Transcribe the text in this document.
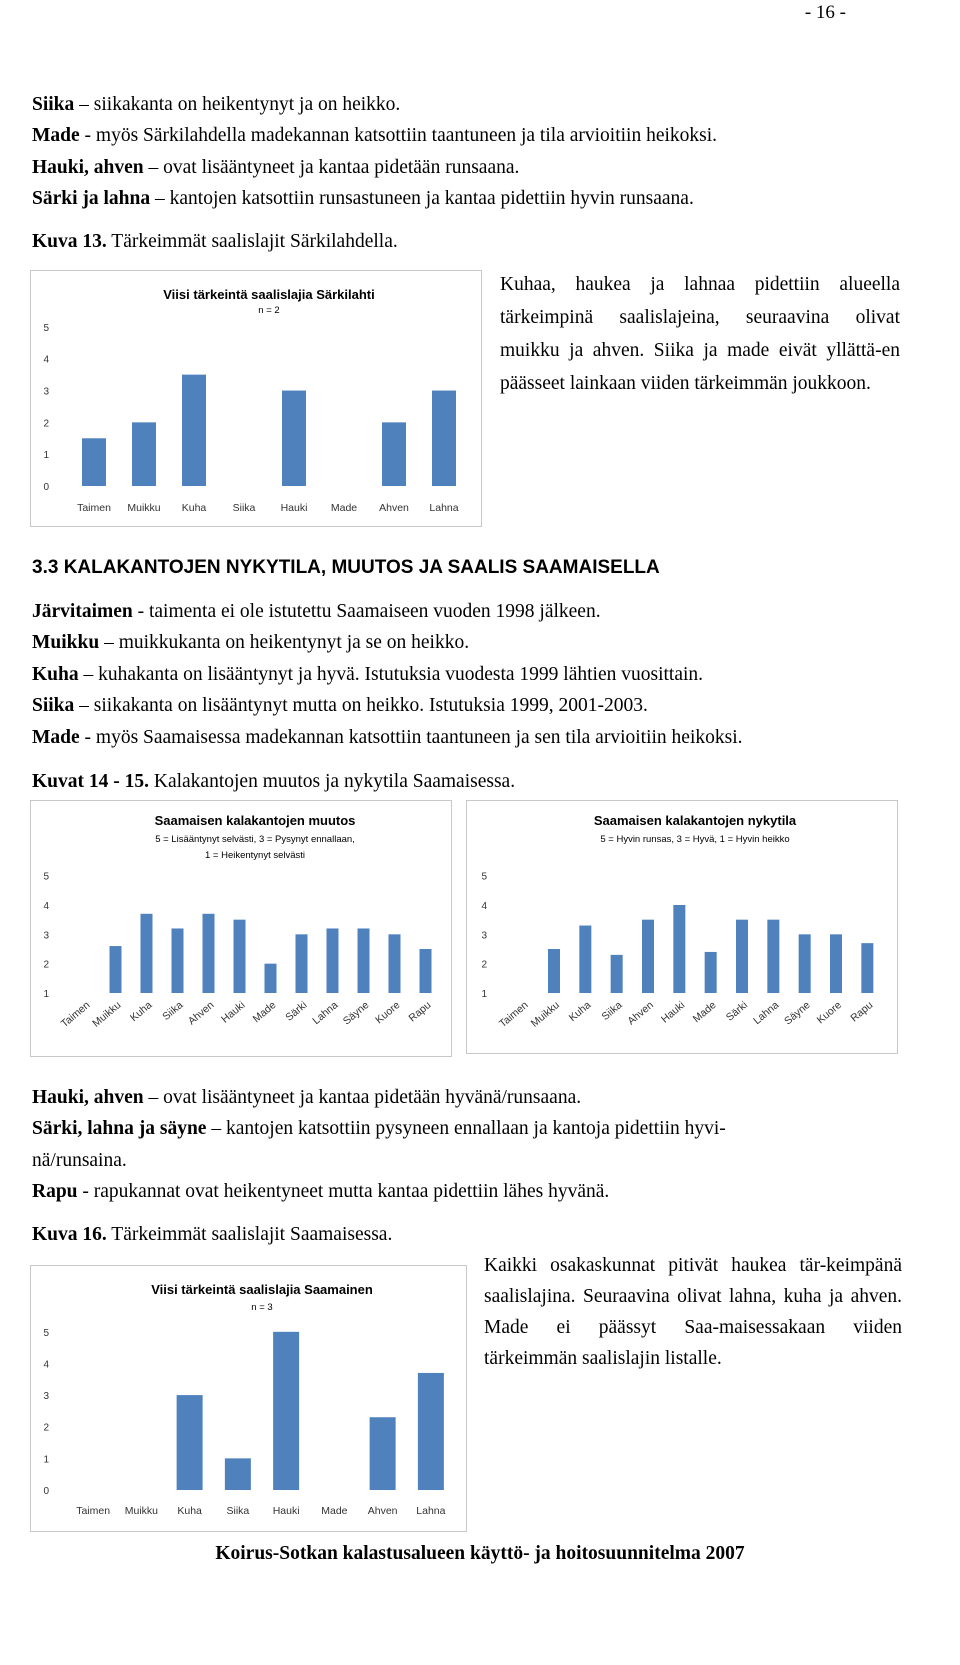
- 16 -
Siika – siikakanta on heikentynyt ja on heikko.
Made - myös Särkilahdella madekannan katsottiin taantuneen ja tila arvioitiin heikoksi.
Hauki, ahven – ovat lisääntyneet ja kantaa pidetään runsaana.
Särki ja lahna – kantojen katsottiin runsastuneen ja kantaa pidettiin hyvin runsaana.
Kuva 13. Tärkeimmät saalislajit Särkilahdella.
Viisi tärkeintä saalislajia Särkilahti
n = 2
0
1
2
3
4
5
Taimen Muikku Kuha	Siika Hauki Made Ahven Lahna
Kuhaa, haukea ja lahnaa pidettiin alueella tärkeimpinä saalislajeina, seuraavina olivat muikku ja ahven. Siika ja made eivät yllättä-en päässeet lainkaan viiden tärkeimmän joukkoon.
3.3 KALAKANTOJEN NYKYTILA, MUUTOS JA SAALIS SAAMAISELLA
Järvitaimen - taimenta ei ole istutettu Saamaiseen vuoden 1998 jälkeen.
Muikku – muikkukanta on heikentynyt ja se on heikko.
Kuha – kuhakanta on lisääntynyt ja hyvä. Istutuksia vuodesta 1999 lähtien vuosittain.
Siika – siikakanta on lisääntynyt mutta on heikko. Istutuksia 1999, 2001-2003.
Made - myös Saamaisessa madekannan katsottiin taantuneen ja sen tila arvioitiin heikoksi.
Kuvat 14 - 15. Kalakantojen muutos ja nykytila Saamaisessa.
Saamaisen kalakantojen muutos
5 = Lisääntynyt selvästi, 3 = Pysynyt ennallaan,
1 = Heikentynyt selvästi
1
2
3
4
5
Taimen
Muikku Kuha Siika Ahven Hauki Made Särki Lahna Säyne Kuore Rapu
Saamaisen kalakantojen nykytila
5 = Hyvin runsas, 3 = Hyvä, 1 = Hyvin heikko
1
2
3
4
5
Taimen
Muikku Kuha Siika Ahven Hauki Made Särki Lahna Säyne Kuore Rapu
Hauki, ahven – ovat lisääntyneet ja kantaa pidetään hyvänä/runsaana.
Särki, lahna ja säyne – kantojen katsottiin pysyneen ennallaan ja kantoja pidettiin hyvi-
nä/runsaina.
Rapu - rapukannat ovat heikentyneet mutta kantaa pidettiin lähes hyvänä.
Kuva 16. Tärkeimmät saalislajit Saamaisessa.
Viisi tärkeintä saalislajia Saamainen
n = 3
0
1
2
3
4
5
Taimen Muikku Kuha Siika Hauki Made Ahven Lahna
Kaikki osakaskunnat pitivät haukea tär-keimpänä saalislajina. Seuraavina olivat lahna, kuha ja ahven. Made ei päässyt Saa-maisessakaan viiden tärkeimmän saalislajin listalle.
Koirus-Sotkan kalastusalueen käyttö- ja hoitosuunnitelma 2007
